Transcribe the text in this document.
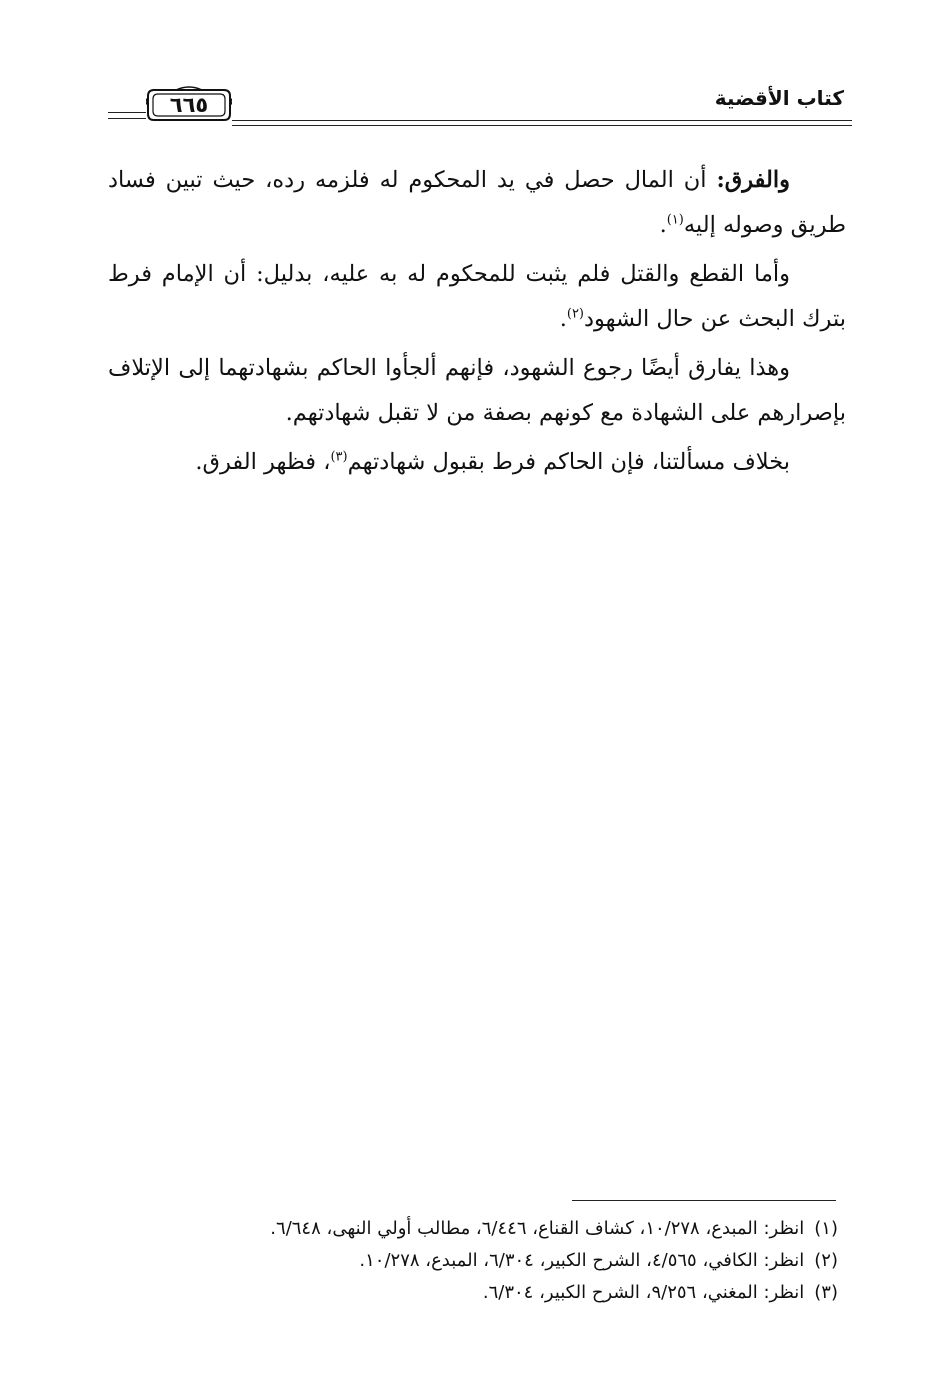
كتاب الأقضية
٦٦٥

والفرق: أن المال حصل في يد المحكوم له فلزمه رده، حيث تبين فساد طريق وصوله إليه$^{(١)}$.

وأما القطع والقتل فلم يثبت للمحكوم له به عليه، بدليل: أن الإمام فرط بترك البحث عن حال الشهود$^{(٢)}$.

وهذا يفارق أيضًا رجوع الشهود، فإنهم ألجأوا الحاكم بشهادتهما إلى الإتلاف بإصرارهم على الشهادة مع كونهم بصفة من لا تقبل شهادتهم.

بخلاف مسألتنا، فإن الحاكم فرط بقبول شهادتهم$^{(٣)}$، فظهر الفرق.

(١)انظر: المبدع، ١٠/٢٧٨، كشاف القناع، ٦/٤٤٦، مطالب أولي النهى، ٦/٦٤٨.
(٢)انظر: الكافي، ٤/٥٦٥، الشرح الكبير، ٦/٣٠٤، المبدع، ١٠/٢٧٨.
(٣)انظر: المغني، ٩/٢٥٦، الشرح الكبير، ٦/٣٠٤.
